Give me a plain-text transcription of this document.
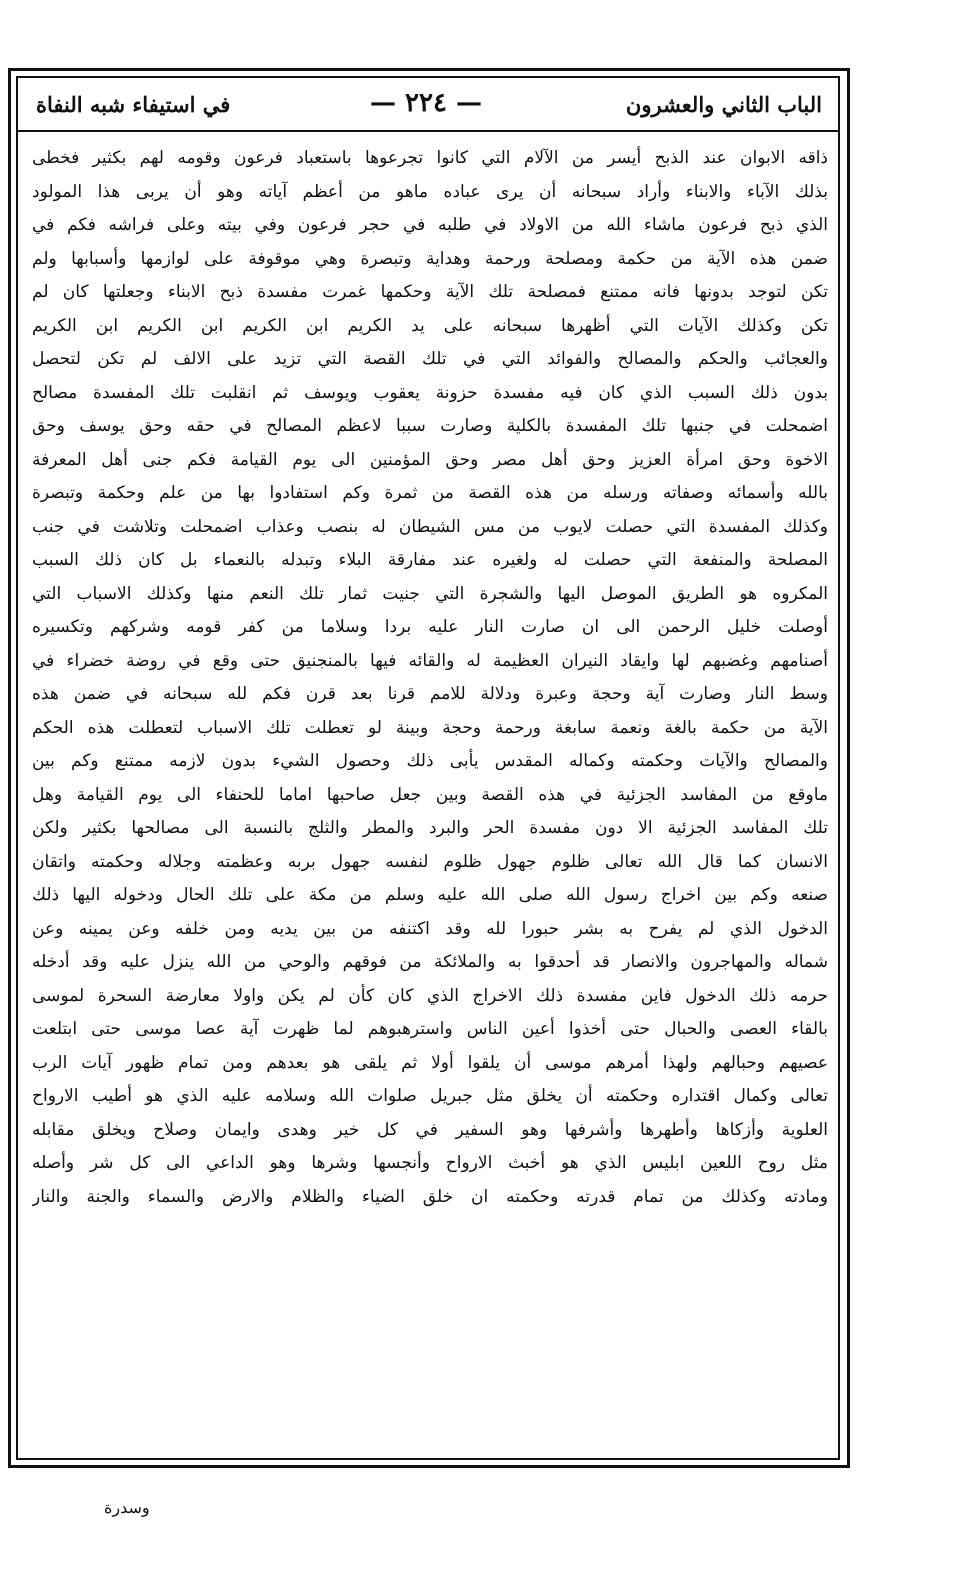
الباب الثاني والعشرون
— ٢٢٤ —
في استيفاء شبه النفاة
ذاقه الابوان عند الذبح أيسر من الآلام التي كانوا تجرعوها باستعباد فرعون وقومه لهم بكثير فخطى
بذلك الآباء والابناء وأراد سبحانه أن يرى عباده ماهو من أعظم آياته وهو أن يربى هذا المولود
الذي ذبح فرعون ماشاء الله من الاولاد في طلبه في حجر فرعون وفي بيته وعلى فراشه فكم في
ضمن هذه الآية من حكمة ومصلحة ورحمة وهداية وتبصرة وهي موقوفة على لوازمها وأسبابها ولم
تكن لتوجد بدونها فانه ممتنع فمصلحة تلك الآية وحكمها غمرت مفسدة ذبح الابناء وجعلتها كان لم
تكن وكذلك الآيات التي أظهرها سبحانه على يد الكريم ابن الكريم ابن الكريم ابن الكريم
والعجائب والحكم والمصالح والفوائد التي في تلك القصة التي تزيد على الالف لم تكن لتحصل
بدون ذلك السبب الذي كان فيه مفسدة حزونة يعقوب ويوسف ثم انقلبت تلك المفسدة مصالح
اضمحلت في جنبها تلك المفسدة بالكلية وصارت سببا لاعظم المصالح في حقه وحق يوسف وحق
الاخوة وحق امرأة العزيز وحق أهل مصر وحق المؤمنين الى يوم القيامة فكم جنى أهل المعرفة
بالله وأسمائه وصفاته ورسله من هذه القصة من ثمرة وكم استفادوا بها من علم وحكمة وتبصرة
وكذلك المفسدة التي حصلت لايوب من مس الشيطان له بنصب وعذاب اضمحلت وتلاشت في جنب
المصلحة والمنفعة التي حصلت له ولغيره عند مفارقة البلاء وتبدله بالنعماء بل كان ذلك السبب
المكروه هو الطريق الموصل اليها والشجرة التي جنيت ثمار تلك النعم منها وكذلك الاسباب التي
أوصلت خليل الرحمن الى ان صارت النار عليه بردا وسلاما من كفر قومه وشركهم وتكسيره
أصنامهم وغضبهم لها وايقاد النيران العظيمة له والقائه فيها بالمنجنيق حتى وقع في روضة خضراء في
وسط النار وصارت آية وحجة وعبرة ودلالة للامم قرنا بعد قرن فكم لله سبحانه في ضمن هذه
الآية من حكمة بالغة ونعمة سابغة ورحمة وحجة وبينة لو تعطلت تلك الاسباب لتعطلت هذه الحكم
والمصالح والآيات وحكمته وكماله المقدس يأبى ذلك وحصول الشيء بدون لازمه ممتنع وكم بين
ماوقع من المفاسد الجزئية في هذه القصة وبين جعل صاحبها اماما للحنفاء الى يوم القيامة وهل
تلك المفاسد الجزئية الا دون مفسدة الحر والبرد والمطر والثلج بالنسبة الى مصالحها بكثير ولكن
الانسان كما قال الله تعالى ظلوم جهول ظلوم لنفسه جهول بربه وعظمته وجلاله وحكمته واتقان
صنعه وكم بين اخراج رسول الله صلى الله عليه وسلم من مكة على تلك الحال ودخوله اليها ذلك
الدخول الذي لم يفرح به بشر حبورا لله وقد اكتنفه من بين يديه ومن خلفه وعن يمينه وعن
شماله والمهاجرون والانصار قد أحدقوا به والملائكة من فوقهم والوحي من الله ينزل عليه وقد أدخله
حرمه ذلك الدخول فاين مفسدة ذلك الاخراج الذي كان كأن لم يكن واولا معارضة السحرة لموسى
بالقاء العصى والحبال حتى أخذوا أعين الناس واسترهبوهم لما ظهرت آية عصا موسى حتى ابتلعت
عصيهم وحبالهم ولهذا أمرهم موسى أن يلقوا أولا ثم يلقى هو بعدهم ومن تمام ظهور آيات الرب
تعالى وكمال اقتداره وحكمته أن يخلق مثل جبريل صلوات الله وسلامه عليه الذي هو أطيب الارواح
العلوية وأزكاها وأطهرها وأشرفها وهو السفير في كل خير وهدى وايمان وصلاح ويخلق مقابله
مثل روح اللعين ابليس الذي هو أخبث الارواح وأنجسها وشرها وهو الداعي الى كل شر وأصله
ومادته وكذلك من تمام قدرته وحكمته ان خلق الضياء والظلام والارض والسماء والجنة والنار
وسدرة
